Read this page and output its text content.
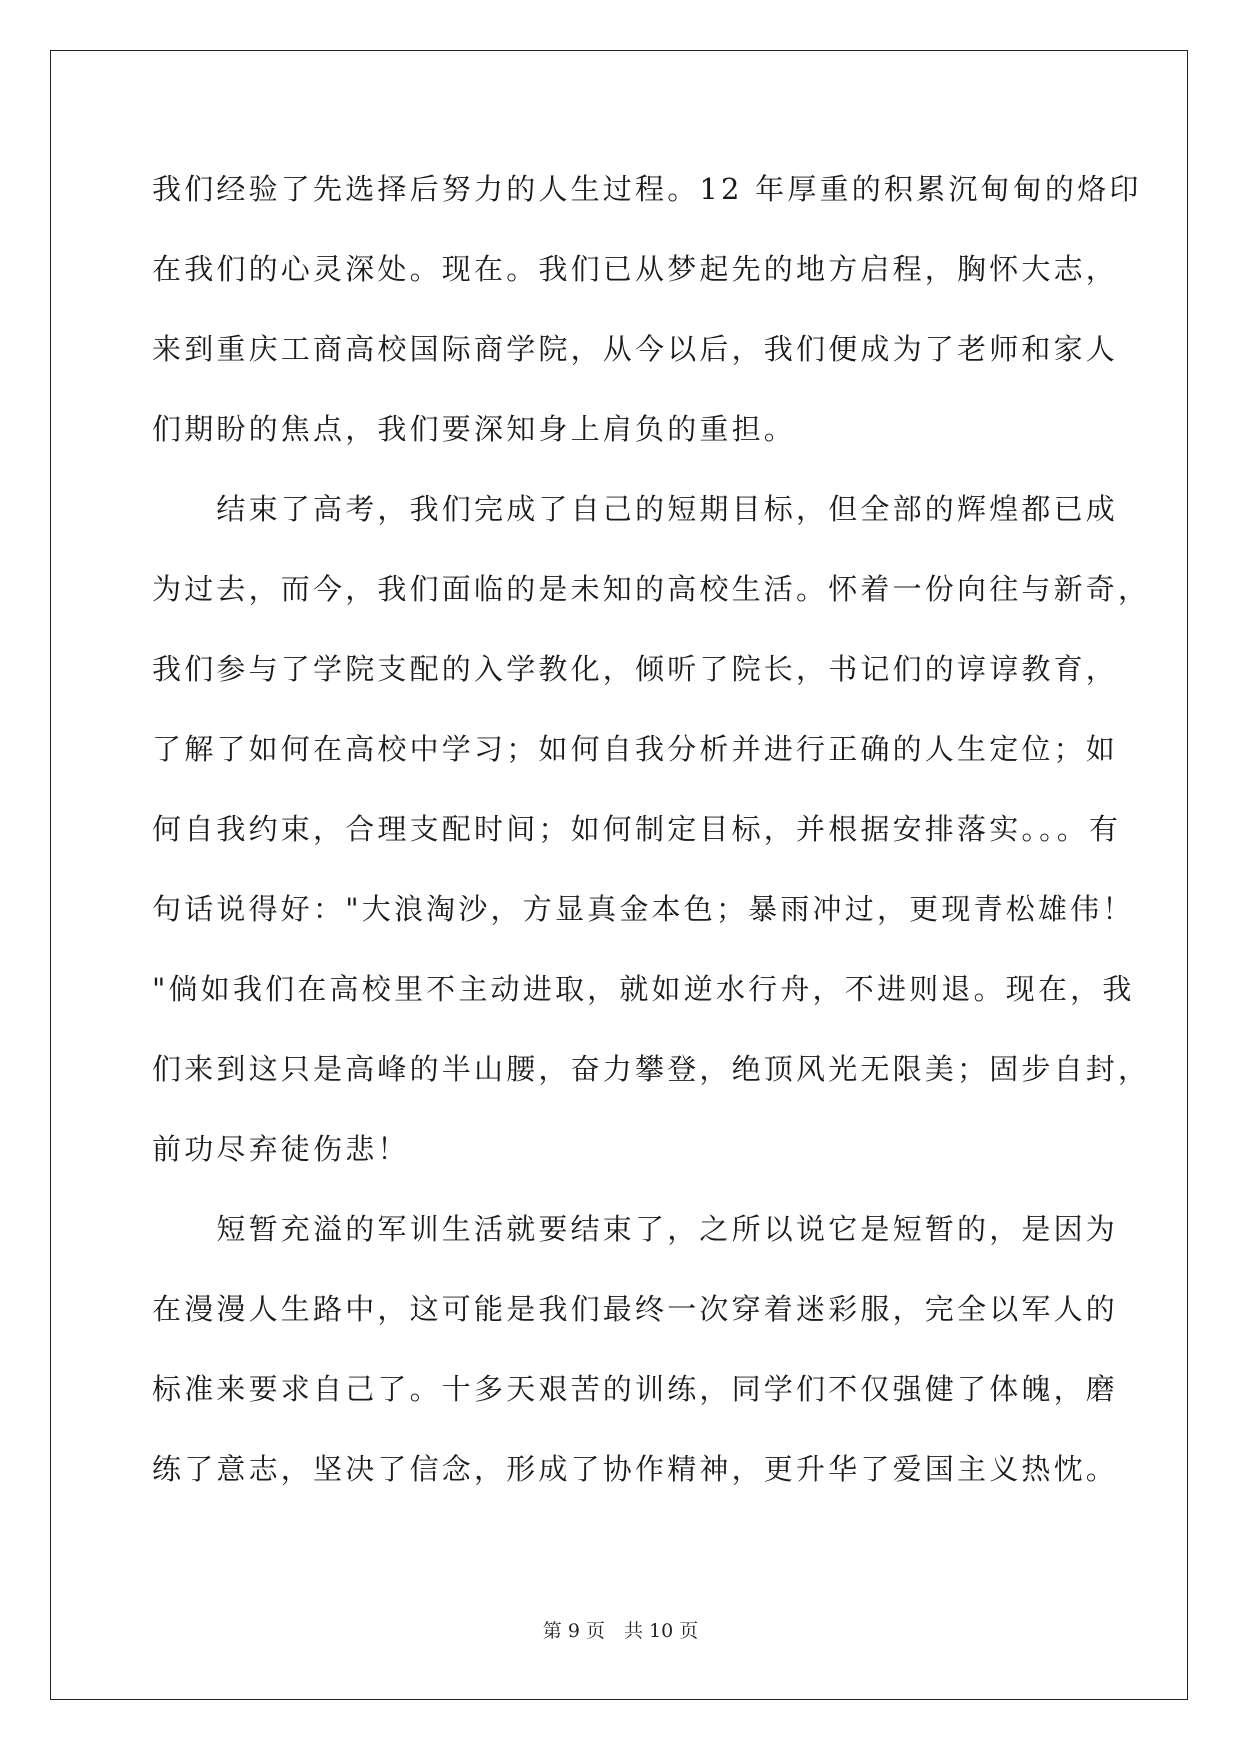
我们经验了先选择后努力的人生过程。12 年厚重的积累沉甸甸的烙印
在我们的心灵深处。现在。我们已从梦起先的地方启程，胸怀大志，
来到重庆工商高校国际商学院，从今以后，我们便成为了老师和家人
们期盼的焦点，我们要深知身上肩负的重担。
　　结束了高考，我们完成了自己的短期目标，但全部的辉煌都已成
为过去，而今，我们面临的是未知的高校生活。怀着一份向往与新奇，
我们参与了学院支配的入学教化，倾听了院长，书记们的谆谆教育，
了解了如何在高校中学习；如何自我分析并进行正确的人生定位；如
何自我约束，合理支配时间；如何制定目标，并根据安排落实。。。有
句话说得好："大浪淘沙，方显真金本色；暴雨冲过，更现青松雄伟！
"倘如我们在高校里不主动进取，就如逆水行舟，不进则退。现在，我
们来到这只是高峰的半山腰，奋力攀登，绝顶风光无限美；固步自封，
前功尽弃徒伤悲！
　　短暂充溢的军训生活就要结束了，之所以说它是短暂的，是因为
在漫漫人生路中，这可能是我们最终一次穿着迷彩服，完全以军人的
标准来要求自己了。十多天艰苦的训练，同学们不仅强健了体魄，磨
练了意志，坚决了信念，形成了协作精神，更升华了爱国主义热忱。
第 9 页　共 10 页
